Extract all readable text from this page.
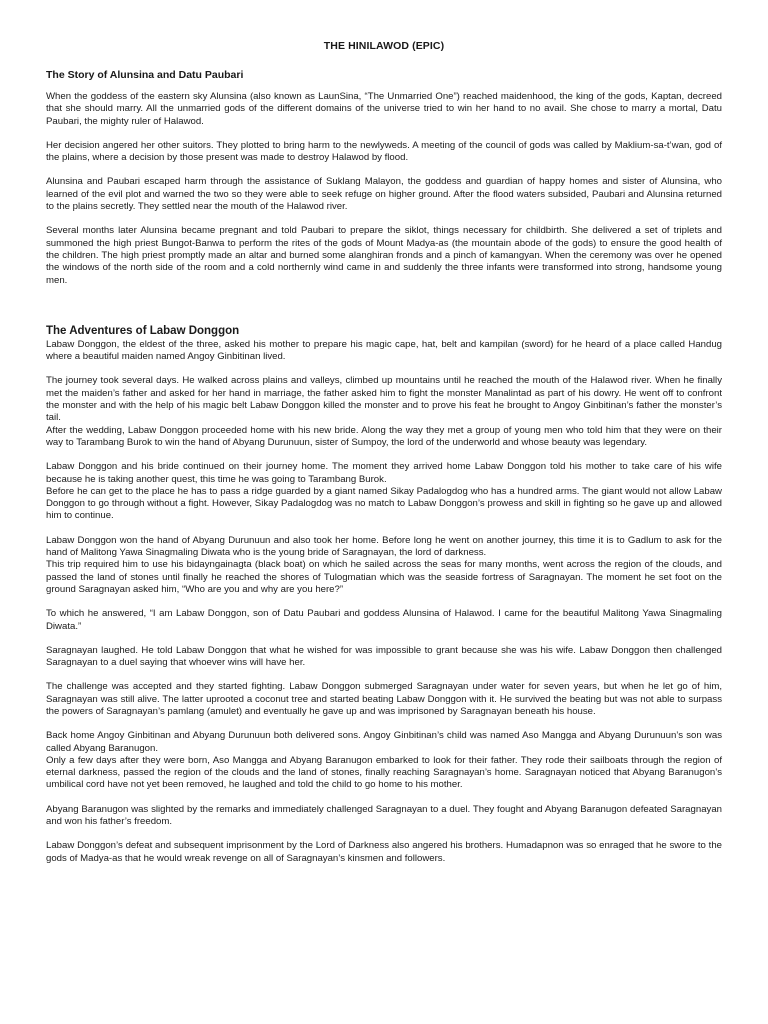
THE HINILAWOD (EPIC)
The Story of Alunsina and Datu Paubari

When the goddess of the eastern sky Alunsina (also known as LaunSina, “The Unmarried One”) reached maidenhood, the king of the gods, Kaptan, decreed that she should marry. All the unmarried gods of the different domains of the universe tried to win her hand to no avail. She chose to marry a mortal, Datu Paubari, the mighty ruler of Halawod.

Her decision angered her other suitors. They plotted to bring harm to the newlyweds. A meeting of the council of gods was called by Maklium-sa-t’wan, god of the plains, where a decision by those present was made to destroy Halawod by flood.

Alunsina and Paubari escaped harm through the assistance of Suklang Malayon, the goddess and guardian of happy homes and sister of Alunsina, who learned of the evil plot and warned the two so they were able to seek refuge on higher ground. After the flood waters subsided, Paubari and Alunsina returned to the plains secretly. They settled near the mouth of the Halawod river.

Several months later Alunsina became pregnant and told Paubari to prepare the siklot, things necessary for childbirth. She delivered a set of triplets and summoned the high priest Bungot-Banwa to perform the rites of the gods of Mount Madya-as (the mountain abode of the gods) to ensure the good health of the children. The high priest promptly made an altar and burned some alanghiran fronds and a pinch of kamangyan. When the ceremony was over he opened the windows of the north side of the room and a cold northernly wind came in and suddenly the three infants were transformed into strong, handsome young men.

The Adventures of Labaw Donggon

Labaw Donggon, the eldest of the three, asked his mother to prepare his magic cape, hat, belt and kampilan (sword) for he heard of a place called Handug where a beautiful maiden named Angoy Ginbitinan lived.

The journey took several days. He walked across plains and valleys, climbed up mountains until he reached the mouth of the Halawod river. When he finally met the maiden’s father and asked for her hand in marriage, the father asked him to fight the monster Manalintad as part of his dowry. He went off to confront the monster and with the help of his magic belt Labaw Donggon killed the monster and to prove his feat he brought to Angoy Ginbitinan’s father the monster’s tail.
After the wedding, Labaw Donggon proceeded home with his new bride. Along the way they met a group of young men who told him that they were on their way to Tarambang Burok to win the hand of Abyang Durunuun, sister of Sumpoy, the lord of the underworld and whose beauty was legendary.

Labaw Donggon and his bride continued on their journey home. The moment they arrived home Labaw Donggon told his mother to take care of his wife because he is taking another quest, this time he was going to Tarambang Burok.
Before he can get to the place he has to pass a ridge guarded by a giant named Sikay Padalogdog who has a hundred arms. The giant would not allow Labaw Donggon to go through without a fight. However, Sikay Padalogdog was no match to Labaw Donggon’s prowess and skill in fighting so he gave up and allowed him to continue.

Labaw Donggon won the hand of Abyang Durunuun and also took her home. Before long he went on another journey, this time it is to Gadlum to ask for the hand of Malitong Yawa Sinagmaling Diwata who is the young bride of Saragnayan, the lord of darkness.
This trip required him to use his bidayngainagta (black boat) on which he sailed across the seas for many months, went across the region of the clouds, and passed the land of stones until finally he reached the shores of Tulogmatian which was the seaside fortress of Saragnayan. The moment he set foot on the ground Saragnayan asked him, “Who are you and why are you here?”

To which he answered, “I am Labaw Donggon, son of Datu Paubari and goddess Alunsina of Halawod. I came for the beautiful Malitong Yawa Sinagmaling Diwata.”

Saragnayan laughed. He told Labaw Donggon that what he wished for was impossible to grant because she was his wife. Labaw Donggon then challenged Saragnayan to a duel saying that whoever wins will have her.

The challenge was accepted and they started fighting. Labaw Donggon submerged Saragnayan under water for seven years, but when he let go of him, Saragnayan was still alive. The latter uprooted a coconut tree and started beating Labaw Donggon with it. He survived the beating but was not able to surpass the powers of Saragnayan’s pamlang (amulet) and eventually he gave up and was imprisoned by Saragnayan beneath his house.

Back home Angoy Ginbitinan and Abyang Durunuun both delivered sons. Angoy Ginbitinan’s child was named Aso Mangga and Abyang Durunuun’s son was called Abyang Baranugon.
Only a few days after they were born, Aso Mangga and Abyang Baranugon embarked to look for their father. They rode their sailboats through the region of eternal darkness, passed the region of the clouds and the land of stones, finally reaching Saragnayan’s home. Saragnayan noticed that Abyang Baranugon’s umbilical cord have not yet been removed, he laughed and told the child to go home to his mother.

Abyang Baranugon was slighted by the remarks and immediately challenged Saragnayan to a duel. They fought and Abyang Baranugon defeated Saragnayan and won his father’s freedom.

Labaw Donggon’s defeat and subsequent imprisonment by the Lord of Darkness also angered his brothers. Humadapnon was so enraged that he swore to the gods of Madya-as that he would wreak revenge on all of Saragnayan’s kinsmen and followers.
